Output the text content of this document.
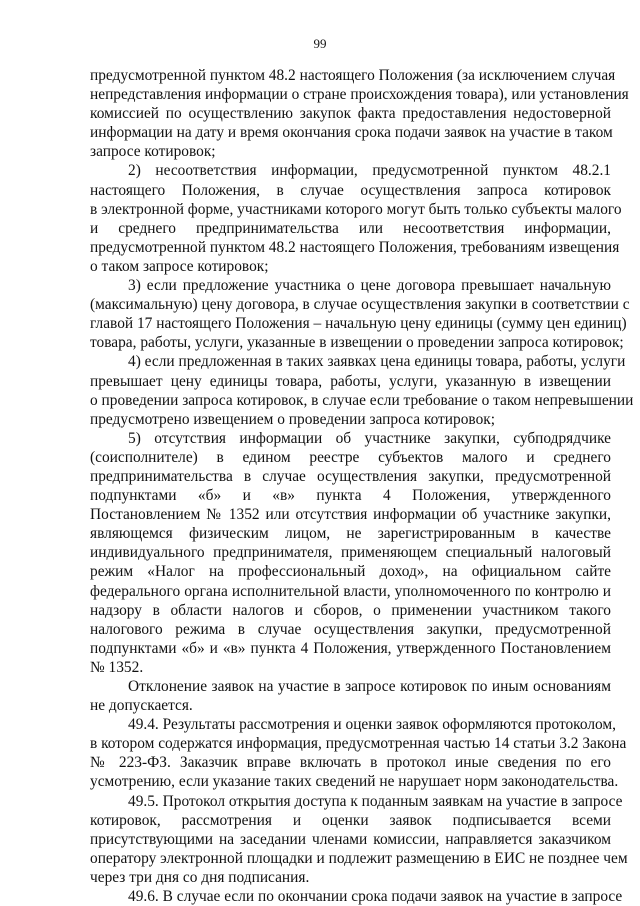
99
предусмотренной пунктом 48.2 настоящего Положения (за исключением случая
непредставления информации о стране происхождения товара), или установления
комиссией по осуществлению закупок факта предоставления недостоверной
информации на дату и время окончания срока подачи заявок на участие в таком
запросе котировок;
2) несоответствия информации, предусмотренной пунктом 48.2.1
настоящего Положения, в случае осуществления запроса котировок
в электронной форме, участниками которого могут быть только субъекты малого
и среднего предпринимательства или несоответствия информации,
предусмотренной пунктом 48.2 настоящего Положения, требованиям извещения
о таком запросе котировок;
3) если предложение участника о цене договора превышает начальную
(максимальную) цену договора, в случае осуществления закупки в соответствии с
главой 17 настоящего Положения – начальную цену единицы (сумму цен единиц)
товара, работы, услуги, указанные в извещении о проведении запроса котировок;
4) если предложенная в таких заявках цена единицы товара, работы, услуги
превышает цену единицы товара, работы, услуги, указанную в извещении
о проведении запроса котировок, в случае если требование о таком непревышении
предусмотрено извещением о проведении запроса котировок;
5) отсутствия информации об участнике закупки, субподрядчике
(соисполнителе) в едином реестре субъектов малого и среднего
предпринимательства в случае осуществления закупки, предусмотренной
подпунктами «б» и «в» пункта 4 Положения, утвержденного
Постановлением № 1352 или отсутствия информации об участнике закупки,
являющемся физическим лицом, не зарегистрированным в качестве
индивидуального предпринимателя, применяющем специальный налоговый
режим «Налог на профессиональный доход», на официальном сайте
федерального органа исполнительной власти, уполномоченного по контролю и
надзору в области налогов и сборов, о применении участником такого
налогового режима в случае осуществления закупки, предусмотренной
подпунктами «б» и «в» пункта 4 Положения, утвержденного Постановлением
№ 1352.
Отклонение заявок на участие в запросе котировок по иным основаниям
не допускается.
49.4. Результаты рассмотрения и оценки заявок оформляются протоколом,
в котором содержатся информация, предусмотренная частью 14 статьи 3.2 Закона
№ 223-ФЗ. Заказчик вправе включать в протокол иные сведения по его
усмотрению, если указание таких сведений не нарушает норм законодательства.
49.5. Протокол открытия доступа к поданным заявкам на участие в запросе
котировок, рассмотрения и оценки заявок подписывается всеми
присутствующими на заседании членами комиссии, направляется заказчиком
оператору электронной площадки и подлежит размещению в ЕИС не позднее чем
через три дня со дня подписания.
49.6. В случае если по окончании срока подачи заявок на участие в запросе
